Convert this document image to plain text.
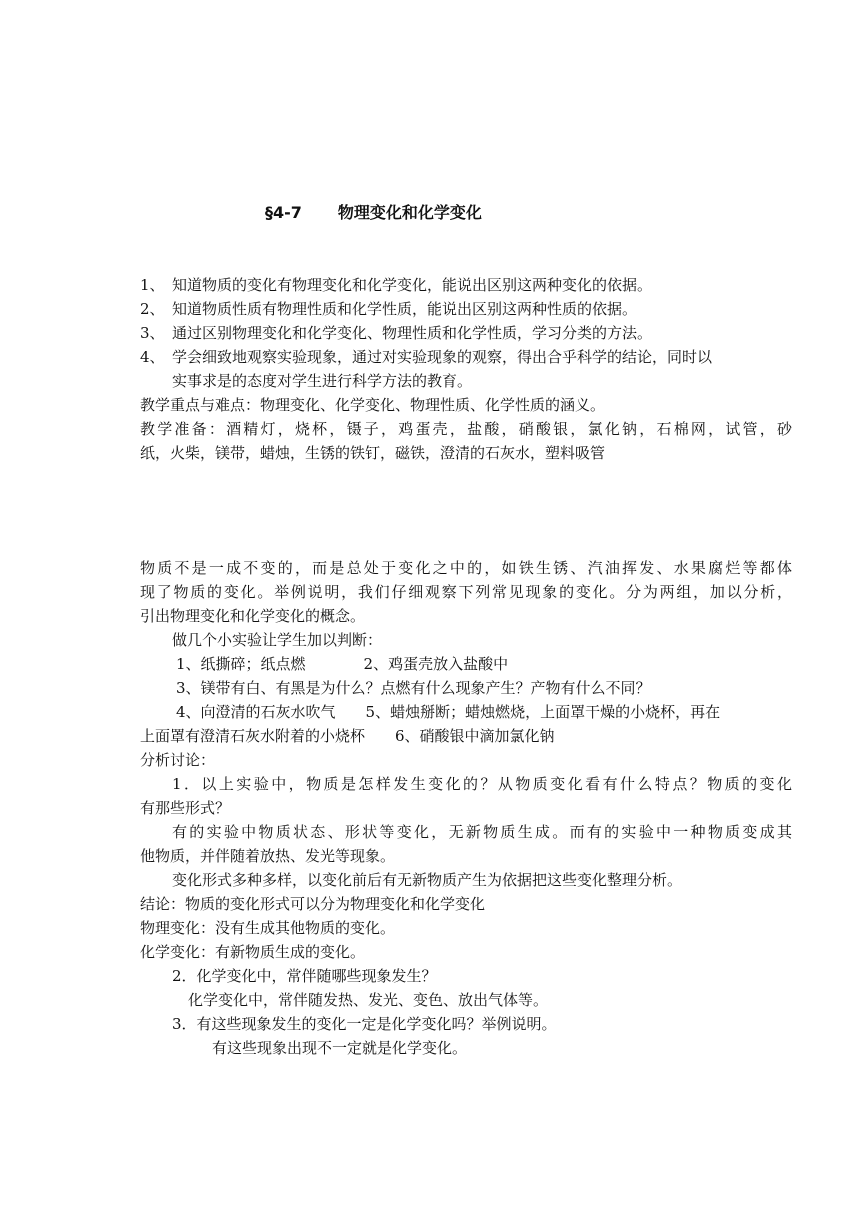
§4-7 物理变化和化学变化
1、 知道物质的变化有物理变化和化学变化，能说出区别这两种变化的依据。
2、 知道物质性质有物理性质和化学性质，能说出区别这两种性质的依据。
3、 通过区别物理变化和化学变化、物理性质和化学性质，学习分类的方法。
4、 学会细致地观察实验现象，通过对实验现象的观察，得出合乎科学的结论，同时以
实事求是的态度对学生进行科学方法的教育。
教学重点与难点：物理变化、化学变化、物理性质、化学性质的涵义。
教学准备：酒精灯，烧杯，镊子，鸡蛋壳，盐酸，硝酸银，氯化钠，石棉网，试管，砂
纸，火柴，镁带，蜡烛，生锈的铁钉，磁铁，澄清的石灰水，塑料吸管
物质不是一成不变的，而是总处于变化之中的，如铁生锈、汽油挥发、水果腐烂等都体
现了物质的变化。举例说明，我们仔细观察下列常见现象的变化。分为两组，加以分析，
引出物理变化和化学变化的概念。
做几个小实验让学生加以判断：
1、纸撕碎；纸点燃	2、鸡蛋壳放入盐酸中
3、镁带有白、有黑是为什么？点燃有什么现象产生？产物有什么不同？
4、向澄清的石灰水吹气 5、蜡烛掰断；蜡烛燃烧，上面罩干燥的小烧杯，再在
上面罩有澄清石灰水附着的小烧杯 6、硝酸银中滴加氯化钠
分析讨论：
1．以上实验中，物质是怎样发生变化的？从物质变化看有什么特点？物质的变化
有那些形式？
有的实验中物质状态、形状等变化，无新物质生成。而有的实验中一种物质变成其
他物质，并伴随着放热、发光等现象。
变化形式多种多样，以变化前后有无新物质产生为依据把这些变化整理分析。
结论：物质的变化形式可以分为物理变化和化学变化
物理变化：没有生成其他物质的变化。
化学变化：有新物质生成的变化。
2．化学变化中，常伴随哪些现象发生？
化学变化中，常伴随发热、发光、变色、放出气体等。
3．有这些现象发生的变化一定是化学变化吗？举例说明。
有这些现象出现不一定就是化学变化。
